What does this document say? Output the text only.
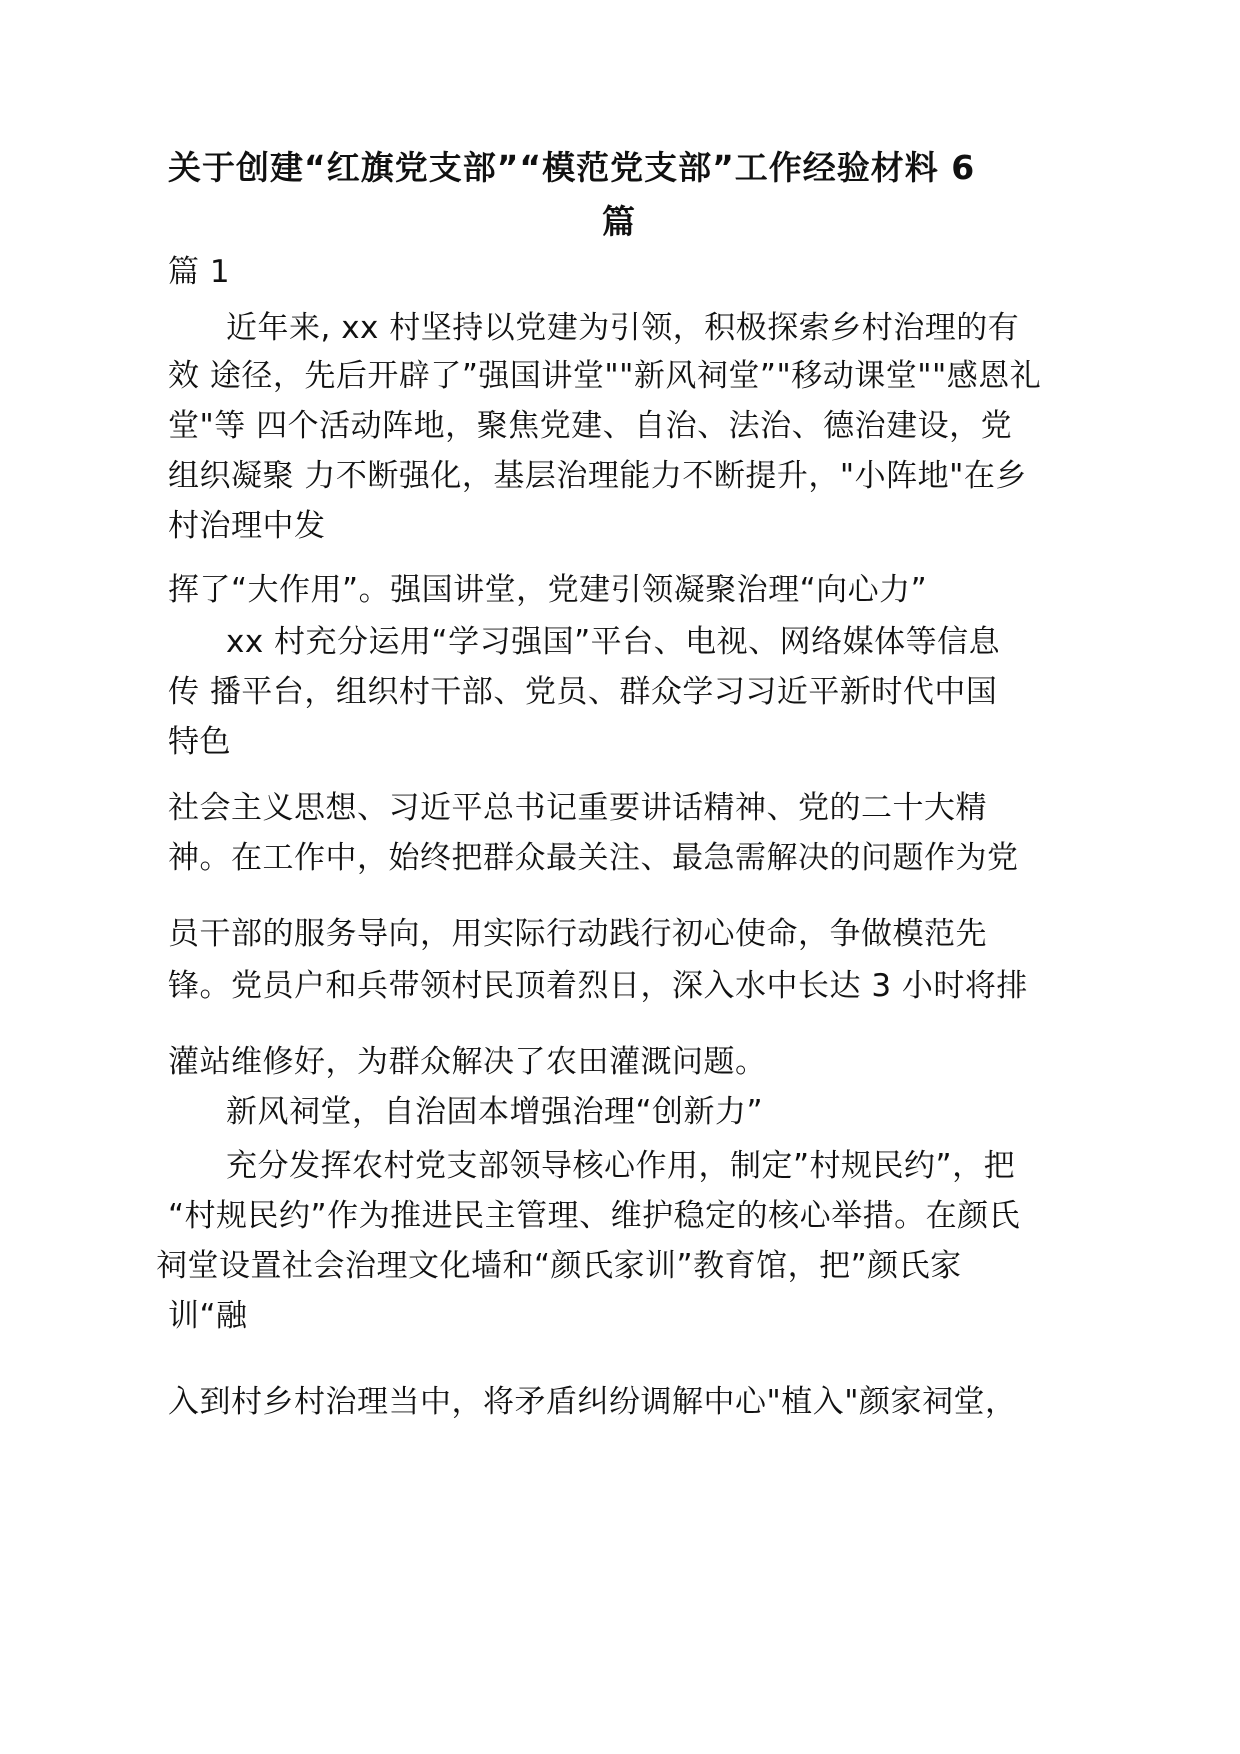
关于创建“红旗党支部”“模范党支部”工作经验材料 6
篇
篇 1
近年来, xx 村坚持以党建为引领，积极探索乡村治理的有
效 途径，先后开辟了”强国讲堂""新风祠堂”"移动课堂""感恩礼
堂"等 四个活动阵地，聚焦党建、自治、法治、德治建设，党
组织凝聚 力不断强化，基层治理能力不断提升，"小阵地"在乡
村治理中发
挥了“大作用”。强国讲堂，党建引领凝聚治理“向心力”
xx 村充分运用“学习强国”平台、电视、网络媒体等信息
传 播平台，组织村干部、党员、群众学习习近平新时代中国
特色
社会主义思想、习近平总书记重要讲话精神、党的二十大精
神。在工作中，始终把群众最关注、最急需解决的问题作为党
员干部的服务导向，用实际行动践行初心使命，争做模范先
锋。党员户和兵带领村民顶着烈日，深入水中长达 3 小时将排
灌站维修好，为群众解决了农田灌溉问题。
新风祠堂，自治固本增强治理“创新力”
充分发挥农村党支部领导核心作用，制定”村规民约”，把
“村规民约”作为推进民主管理、维护稳定的核心举措。在颜氏
祠堂设置社会治理文化墙和“颜氏家训”教育馆，把”颜氏家
训“融
入到村乡村治理当中，将矛盾纠纷调解中心"植入"颜家祠堂，
